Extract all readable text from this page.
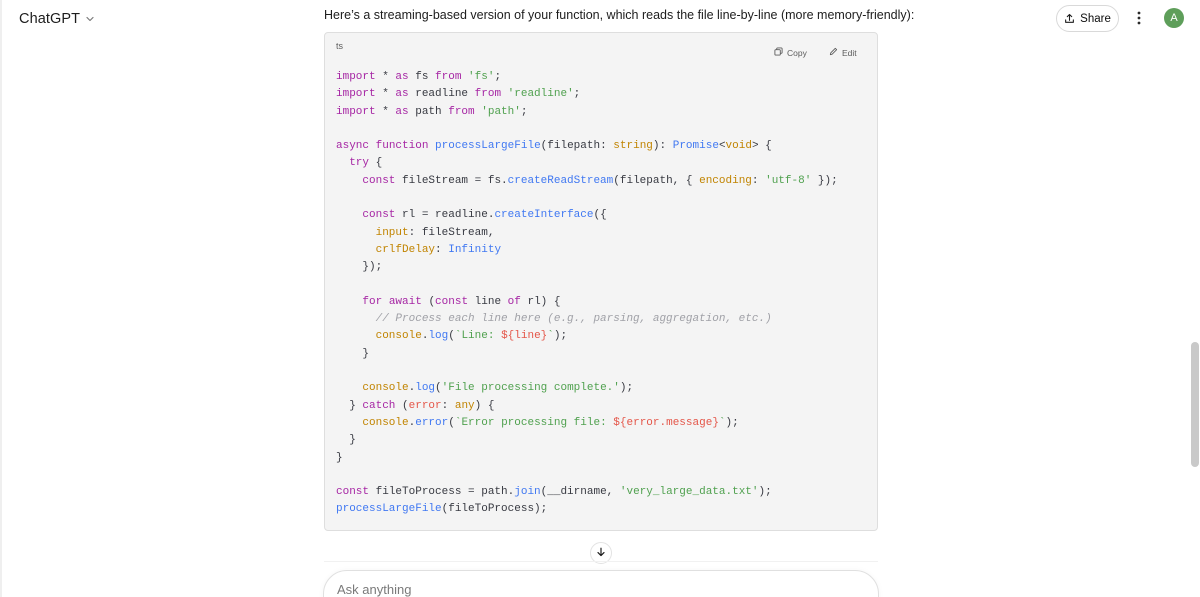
ChatGPT	Share	A
Here’s a streaming-based version of your function, which reads the file line-by-line (more memory-friendly):
ts
Copy	Edit
import * as fs from 'fs';
import * as readline from 'readline';
import * as path from 'path';

async function processLargeFile(filepath: string): Promise<void> {
try {
const fileStream = fs.createReadStream(filepath, { encoding: 'utf-8' });

const rl = readline.createInterface({
input: fileStream,
crlfDelay: Infinity
});

for await (const line of rl) {
// Process each line here (e.g., parsing, aggregation, etc.)
console.log(`Line: ${line}`);
}

console.log('File processing complete.');
} catch (error: any) {
console.error(`Error processing file: ${error.message}`);
}
}

const fileToProcess = path.join(__dirname, 'very_large_data.txt');
processLargeFile(fileToProcess);
Ask anything
